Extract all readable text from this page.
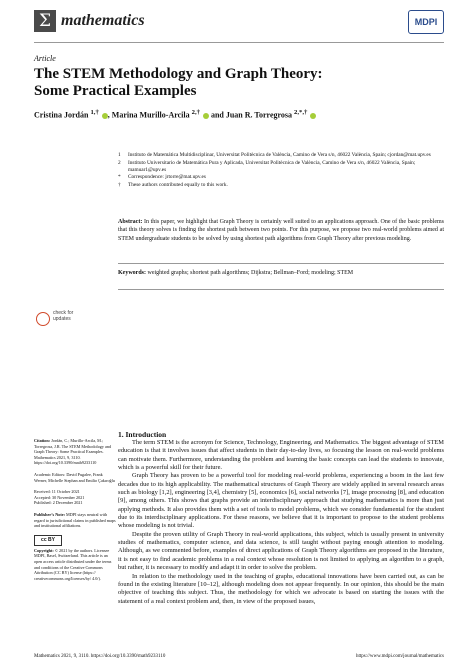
Σ mathematics	MDPI
Article
The STEM Methodology and Graph Theory:
Some Practical Examples
Cristina Jordán $^{1,\dagger}$ , Marina Murillo-Arcila $^{2,\dagger}$  and Juan R. Torregrosa $^{2,*,\dagger}$
1	Instituto de Matemática Multidisciplinar, Universitat Politècnica de València, Camino de Vera s/n, 46022 València, Spain; cjordan@mat.upv.es
2	Instituto Universitario de Matemática Pura y Aplicada, Universitat Politècnica de València, Camino de Vera s/n, 46022 València, Spain; mamuar1@upv.es
*	Correspondence: jrtorre@mat.upv.es
†	These authors contributed equally to this work.
Abstract: In this paper, we highlight that Graph Theory is certainly well suited to an applications approach. One of the basic problems that this theory solves is finding the shortest path between two points. For this purpose, we propose two real-world problems aimed at STEM undergraduate students to be solved by using shortest path algorithms from Graph Theory after previous modeling.
Keywords: weighted graphs; shortest path algorithms; Dijkstra; Bellman–Ford; modeling; STEM
check for
updates
Citation: Jordán, C.; Murillo-Arcila, M.; Torregrosa, J.R. The STEM Methodology and Graph Theory: Some Practical Examples. Mathematics 2021, 9, 3110. https://doi.org/10.3390/math9233110
Academic Editors: David Pugalee, Frank Werner, Michelle Stephan and Emilio Çakıroğlu
Received: 11 October 2021
Accepted: 30 November 2021
Published: 2 December 2021
Publisher’s Note: MDPI stays neutral with regard to jurisdictional claims in published maps and institutional affiliations.
cc BY
Copyright: © 2021 by the authors. Licensee MDPI, Basel, Switzerland. This article is an open access article distributed under the terms and conditions of the Creative Commons Attribution (CC BY) license (https:// creativecommons.org/licenses/by/ 4.0/).
1. Introduction

The term STEM is the acronym for Science, Technology, Engineering, and Mathematics. The biggest advantage of STEM education is that it involves issues that affect students in their day-to-day lives, so focusing the lesson on real-world problems can motivate them. Furthermore, understanding the problem and learning the basic concepts can lead the students to innovate, which is a powerful skill for their future.

Graph Theory has proven to be a powerful tool for modeling real-world problems, experiencing a boom in the last few decades due to its high applicability. The mathematical structures of Graph Theory are widely applied in several research areas such as biology [1,2], engineering [3,4], chemistry [5], economics [6], social networks [7], image processing [8], and education [9], among others. This shows that graphs provide an interdisciplinary approach that studying mathematics is more than just applying methods. It also provides them with a set of tools to model problems, which we consider fundamental for the student due to its interdisciplinary applications. For these reasons, we believe that it is important to propose to the student problems whose modeling is not trivial.

Despite the proven utility of Graph Theory in real-world applications, this subject, which is usually present in university studies of mathematics, computer science, and data science, is still taught without paying enough attention to modeling. Although, as we commented before, examples of direct applications of Graph Theory algorithms are proposed in the literature, it is not easy to find academic problems in a real context whose resolution is not limited to applying an algorithm to a graph, but rather, it is necessary to modify and adapt it in order to solve the problem.

In relation to the methodology used in the teaching of graphs, educational innovations have been carried out, as can be found in the existing literature [10–12], although modeling does not appear frequently. In our opinion, this should be the main objective of teaching this subject. Thus, the methodology for which we advocate is based on starting the issues with the statement of a real context problem and, then, in view of the proposed issues,

Mathematics 2021, 9, 3110. https://doi.org/10.3390/math9233110	https://www.mdpi.com/journal/mathematics
